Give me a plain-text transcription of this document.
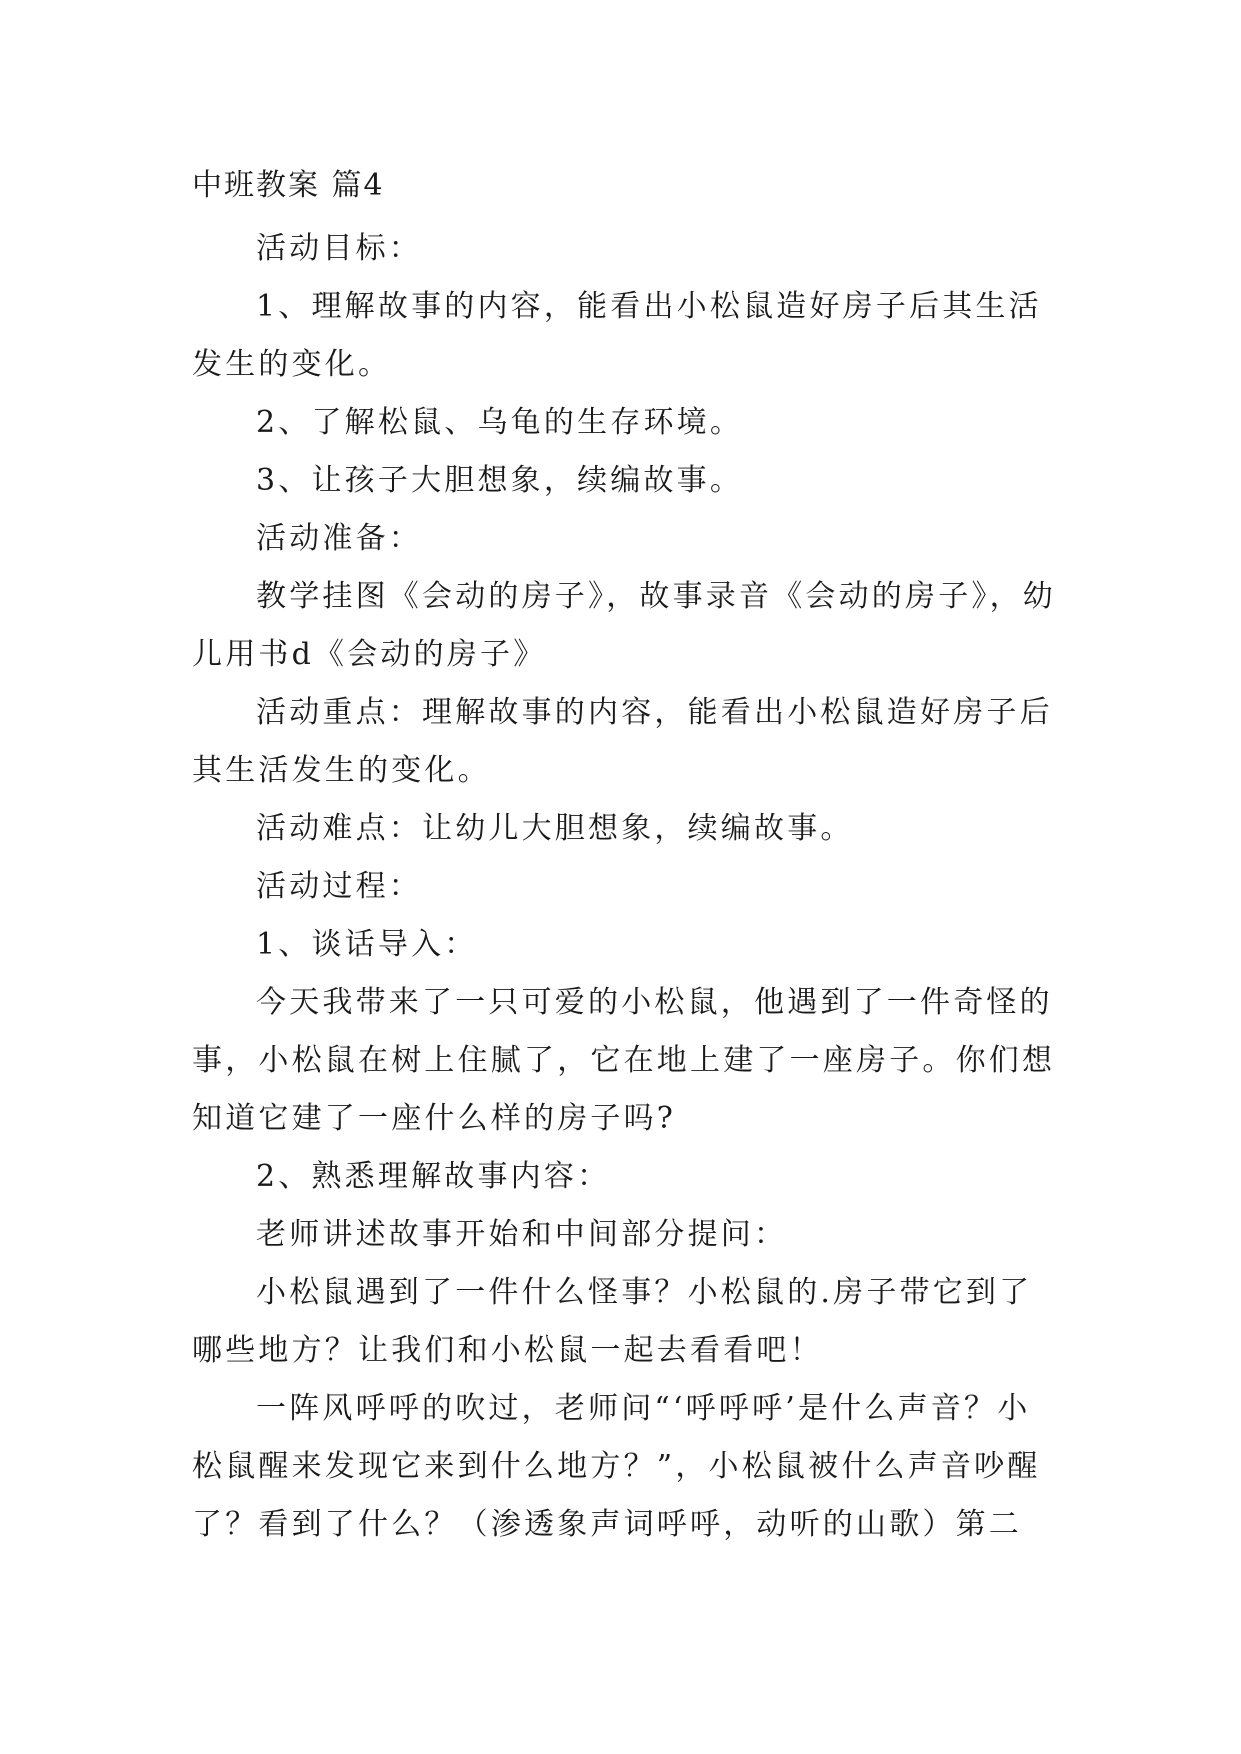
中班教案 篇4

活动目标：

1、理解故事的内容，能看出小松鼠造好房子后其生活发生的变化。

2、了解松鼠、乌龟的生存环境。

3、让孩子大胆想象，续编故事。

活动准备：

教学挂图《会动的房子》，故事录音《会动的房子》，幼儿用书d《会动的房子》

活动重点：理解故事的内容，能看出小松鼠造好房子后其生活发生的变化。

活动难点：让幼儿大胆想象，续编故事。

活动过程：

1、谈话导入：

今天我带来了一只可爱的小松鼠，他遇到了一件奇怪的事，小松鼠在树上住腻了，它在地上建了一座房子。你们想知道它建了一座什么样的房子吗?

2、熟悉理解故事内容：

老师讲述故事开始和中间部分提问：

小松鼠遇到了一件什么怪事？小松鼠的.房子带它到了哪些地方？让我们和小松鼠一起去看看吧！

一阵风呼呼的吹过，老师问“‘呼呼呼’是什么声音？小松鼠醒来发现它来到什么地方？”，小松鼠被什么声音吵醒了？看到了什么？（渗透象声词呼呼，动听的山歌）第二
